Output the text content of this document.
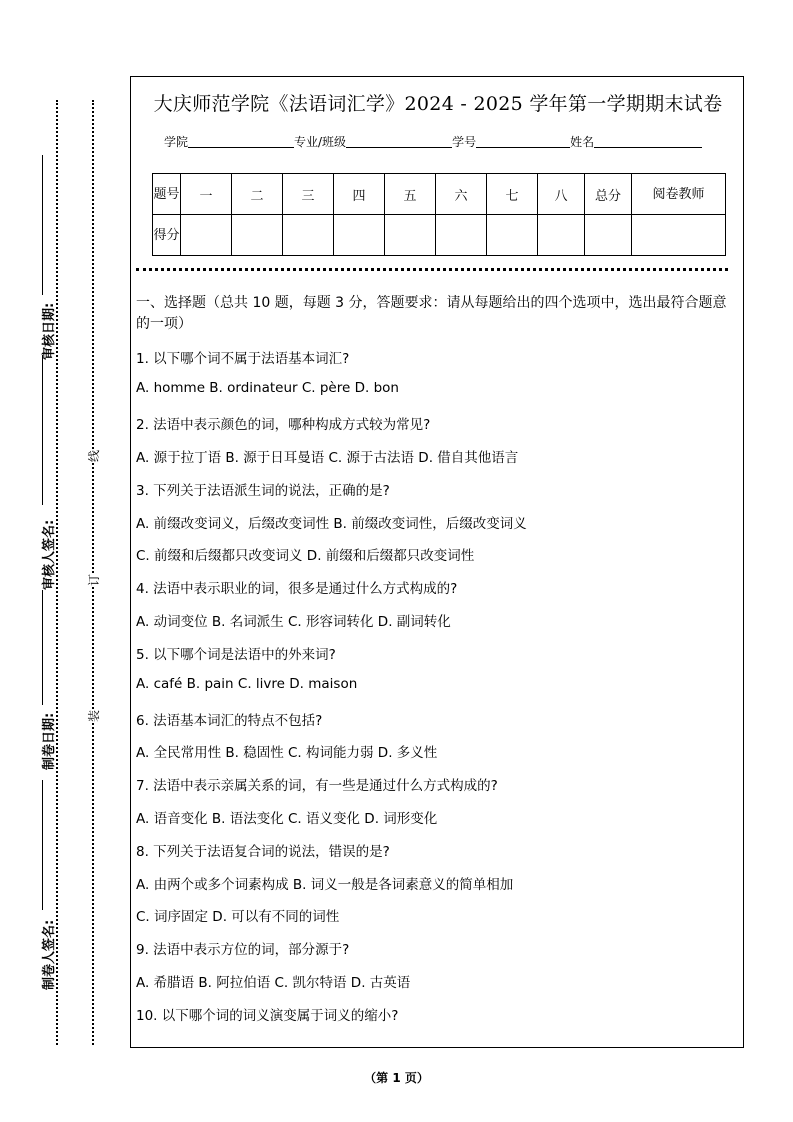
审核日期:
审核人签名:
制卷日期:
制卷人签名:
线
订
装
大庆师范学院《法语词汇学》2024 - 2025 学年第一学期期末试卷
学院	专业/班级	学号	姓名
题号	一	二	三	四	五	六	七	八	总分	阅卷教师
得分										
一、选择题（总共 10 题，每题 3 分，答题要求：请从每题给出的四个选项中，选出最符合题意的一项）
1. 以下哪个词不属于法语基本词汇?
A. homme B. ordinateur C. père D. bon
2. 法语中表示颜色的词，哪种构成方式较为常见?
A. 源于拉丁语 B. 源于日耳曼语 C. 源于古法语 D. 借自其他语言
3. 下列关于法语派生词的说法，正确的是?
A. 前缀改变词义，后缀改变词性 B. 前缀改变词性，后缀改变词义
C. 前缀和后缀都只改变词义 D. 前缀和后缀都只改变词性
4. 法语中表示职业的词，很多是通过什么方式构成的?
A. 动词变位 B. 名词派生 C. 形容词转化 D. 副词转化
5. 以下哪个词是法语中的外来词?
A. café B. pain C. livre D. maison
6. 法语基本词汇的特点不包括?
A. 全民常用性 B. 稳固性 C. 构词能力弱 D. 多义性
7. 法语中表示亲属关系的词，有一些是通过什么方式构成的?
A. 语音变化 B. 语法变化 C. 语义变化 D. 词形变化
8. 下列关于法语复合词的说法，错误的是?
A. 由两个或多个词素构成 B. 词义一般是各词素意义的简单相加
C. 词序固定 D. 可以有不同的词性
9. 法语中表示方位的词，部分源于?
A. 希腊语 B. 阿拉伯语 C. 凯尔特语 D. 古英语
10. 以下哪个词的词义演变属于词义的缩小?
（第 1 页）
